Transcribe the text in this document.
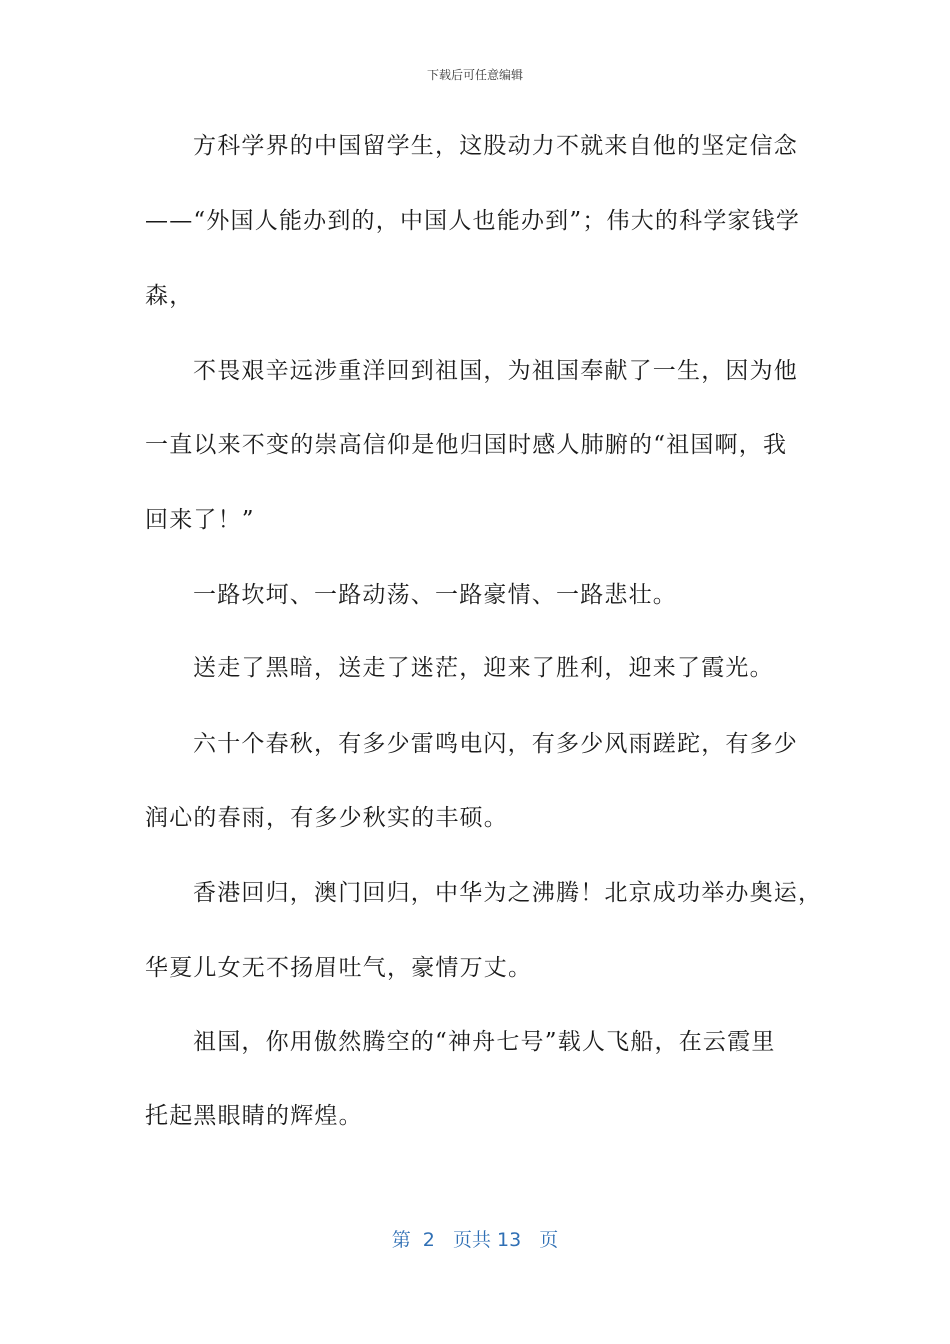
下载后可任意编辑
方科学界的中国留学生，这股动力不就来自他的坚定信念
——“外国人能办到的，中国人也能办到”；伟大的科学家钱学
森，
不畏艰辛远涉重洋回到祖国，为祖国奉献了一生，因为他
一直以来不变的崇高信仰是他归国时感人肺腑的“祖国啊，我
回来了！”
一路坎坷、一路动荡、一路豪情、一路悲壮。
送走了黑暗，送走了迷茫，迎来了胜利，迎来了霞光。
六十个春秋，有多少雷鸣电闪，有多少风雨蹉跎，有多少
润心的春雨，有多少秋实的丰硕。
香港回归，澳门回归，中华为之沸腾！北京成功举办奥运，
华夏儿女无不扬眉吐气，豪情万丈。
祖国，你用傲然腾空的“神舟七号”载人飞船，在云霞里
托起黑眼睛的辉煌。
第  2   页共 13   页
